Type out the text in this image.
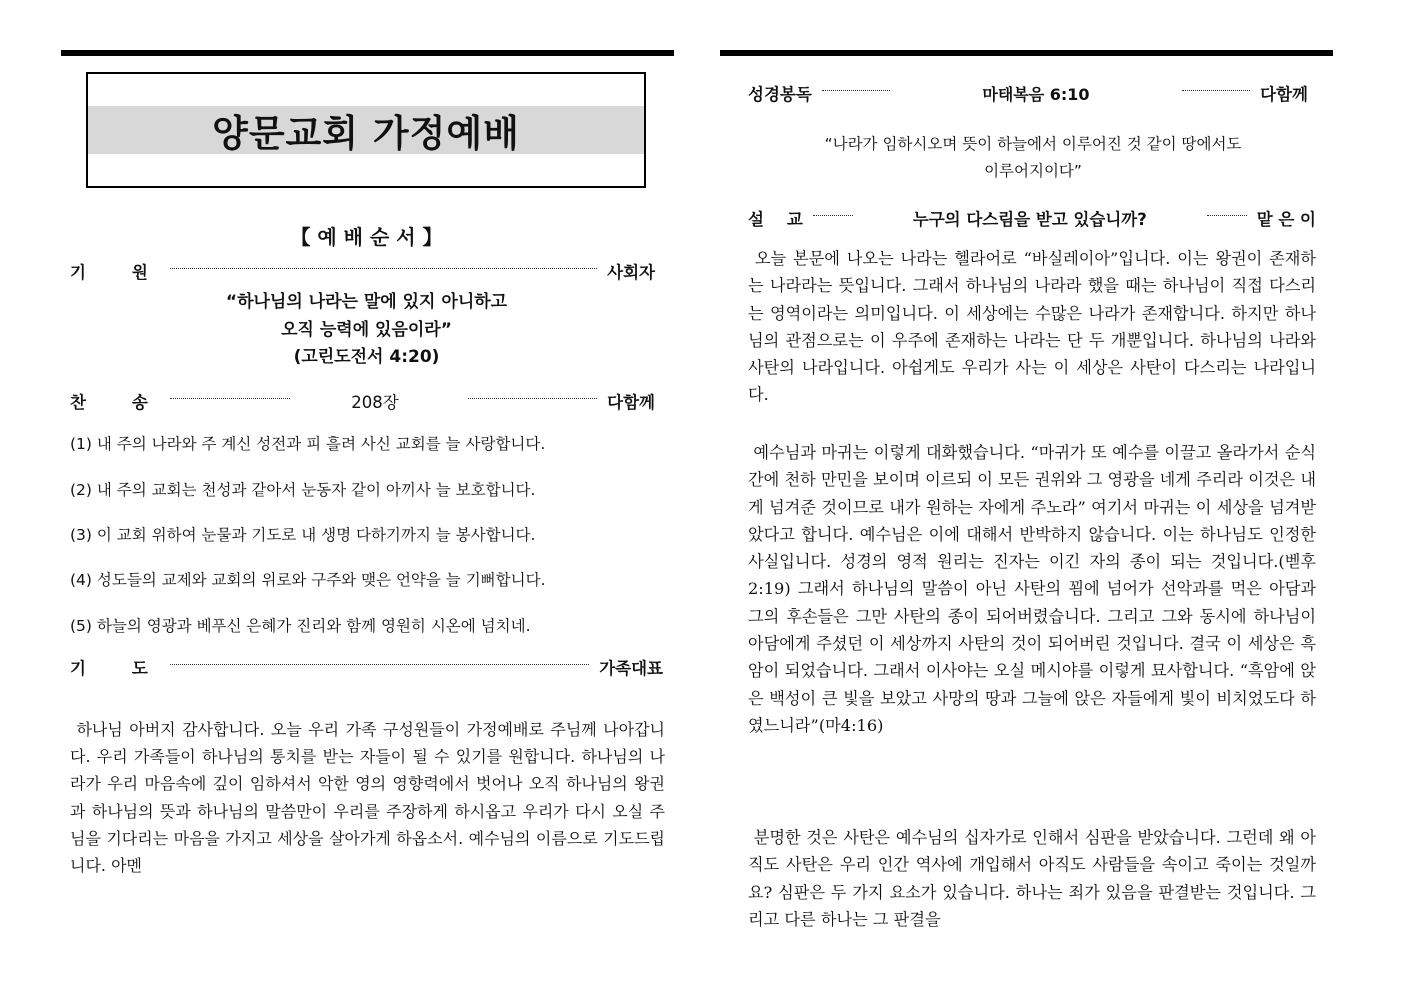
양문교회 가정예배
【 예 배 순 서 】
기        원	사회자
“하나님의 나라는 말에 있지 아니하고
오직 능력에 있음이라”
(고린도전서 4:20)
찬        송	208장	다함께
(1) 내 주의 나라와 주 계신 성전과 피 흘려 사신 교회를 늘 사랑합니다.
(2) 내 주의 교회는 천성과 같아서 눈동자 같이 아끼사 늘 보호합니다.
(3) 이 교회 위하여 눈물과 기도로 내 생명 다하기까지 늘 봉사합니다.
(4) 성도들의 교제와 교회의 위로와 구주와 맺은 언약을 늘 기뻐합니다.
(5) 하늘의 영광과 베푸신 은혜가 진리와 함께 영원히 시온에 넘치네.
기        도	가족대표
하나님 아버지 감사합니다. 오늘 우리 가족 구성원들이 가정예배로 주님께 나아갑니다. 우리 가족들이 하나님의 통치를 받는 자들이 될 수 있기를 원합니다. 하나님의 나라가 우리 마음속에 깊이 임하셔서 악한 영의 영향력에서 벗어나 오직 하나님의 왕권과 하나님의 뜻과 하나님의 말씀만이 우리를 주장하게 하시옵고 우리가 다시 오실 주님을 기다리는 마음을 가지고 세상을 살아가게 하옵소서. 예수님의 이름으로 기도드립니다. 아멘
성경봉독	마태복음 6:10	다함께
“나라가 임하시오며 뜻이 하늘에서 이루어진 것 같이 땅에서도
이루어지이다”
설    교	누구의 다스림을 받고 있습니까?	맡 은 이
오늘 본문에 나오는 나라는 헬라어로 “바실레이아”입니다. 이는 왕권이 존재하는 나라라는 뜻입니다. 그래서 하나님의 나라라 했을 때는 하나님이 직접 다스리는 영역이라는 의미입니다. 이 세상에는 수많은 나라가 존재합니다. 하지만 하나님의 관점으로는 이 우주에 존재하는 나라는 단 두 개뿐입니다. 하나님의 나라와 사탄의 나라입니다. 아쉽게도 우리가 사는 이 세상은 사탄이 다스리는 나라입니다.
예수님과 마귀는 이렇게 대화했습니다. “마귀가 또 예수를 이끌고 올라가서 순식간에 천하 만민을 보이며 이르되 이 모든 권위와 그 영광을 네게 주리라 이것은 내게 넘겨준 것이므로 내가 원하는 자에게 주노라” 여기서 마귀는 이 세상을 넘겨받았다고 합니다. 예수님은 이에 대해서 반박하지 않습니다. 이는 하나님도 인정한 사실입니다. 성경의 영적 원리는 진자는 이긴 자의 종이 되는 것입니다.(벧후 2:19) 그래서 하나님의 말씀이 아닌 사탄의 꾐에 넘어가 선악과를 먹은 아담과 그의 후손들은 그만 사탄의 종이 되어버렸습니다. 그리고 그와 동시에 하나님이 아담에게 주셨던 이 세상까지 사탄의 것이 되어버린 것입니다. 결국 이 세상은 흑암이 되었습니다. 그래서 이사야는 오실 메시야를 이렇게 묘사합니다. “흑암에 앉은 백성이 큰 빛을 보았고 사망의 땅과 그늘에 앉은 자들에게 빛이 비치었도다 하였느니라”(마4:16)
분명한 것은 사탄은 예수님의 십자가로 인해서 심판을 받았습니다. 그런데 왜 아직도 사탄은 우리 인간 역사에 개입해서 아직도 사람들을 속이고 죽이는 것일까요? 심판은 두 가지 요소가 있습니다. 하나는 죄가 있음을 판결받는 것입니다. 그리고 다른 하나는 그 판결을
